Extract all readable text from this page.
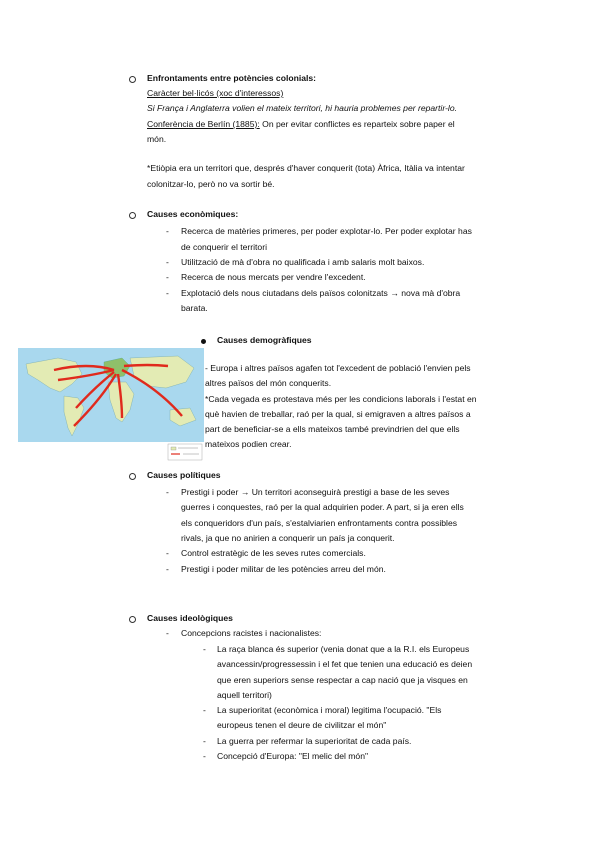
Enfrontaments entre potències colonials:
Caràcter bel·licós (xoc d'interessos)
Si França i Anglaterra volien el mateix territori, hi hauria problemes per repartir-lo.
Conferència de Berlín (1885): On per evitar conflictes es reparteix sobre paper el
món.
*Etiòpia era un territori que, després d'haver conquerit (tota) Àfrica, Itàlia va intentar
colonitzar-lo, però no va sortir bé.
Causes econòmiques:
- Recerca de matèries primeres, per poder explotar-lo. Per poder explotar has
de conquerir el territori
- Utilització de mà d'obra no qualificada i amb salaris molt baixos.
- Recerca de nous mercats per vendre l'excedent.
- Explotació dels nous ciutadans dels països colonitzats → nova mà d'obra
barata.
Causes demogràfiques
- Europa i altres països agafen tot l'excedent de població l'envien pels
altres països del món conquerits.
*Cada vegada es protestava més per les condicions laborals i l'estat en
què havien de treballar, raó per la qual, si emigraven a altres països a
part de beneficiar-se a ells mateixos també previndrien del que ells
mateixos podien crear.
Causes polítiques
- Prestigi i poder → Un territori aconseguirà prestigi a base de les seves
guerres i conquestes, raó per la qual adquirien poder. A part, si ja eren ells
els conqueridors d'un país, s'estalviarien enfrontaments contra possibles
rivals, ja que no anirien a conquerir un país ja conquerit.
- Control estratègic de les seves rutes comercials.
- Prestigi i poder militar de les potències arreu del món.
Causes ideològiques
- Concepcions racistes i nacionalistes:
- La raça blanca és superior (venia donat que a la R.I. els Europeus
avancessin/progressessin i el fet que tenien una educació es deien
que eren superiors sense respectar a cap nació que ja visques en
aquell territori)
- La superioritat (econòmica i moral) legitima l'ocupació. "Els
europeus tenen el deure de civilitzar el món"
- La guerra per refermar la superioritat de cada país.
- Concepció d'Europa: "El melic del món"
